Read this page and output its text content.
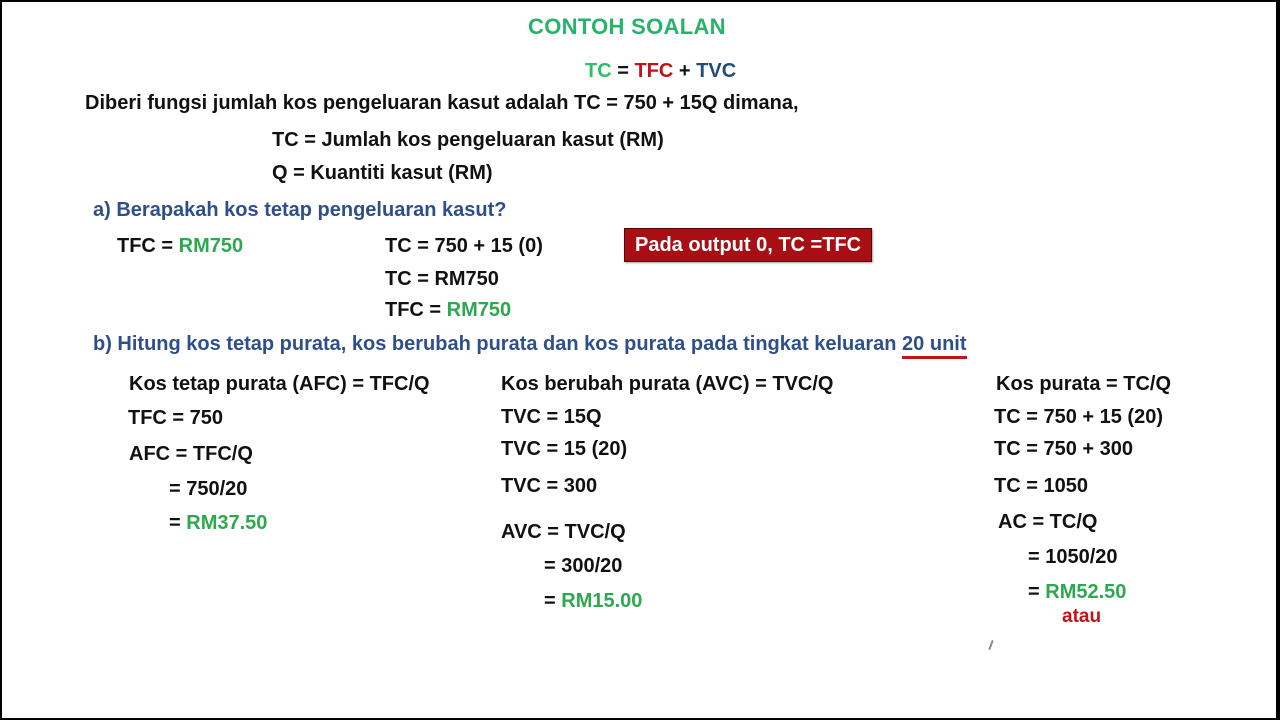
CONTOH SOALAN
TC = TFC + TVC
Diberi fungsi jumlah kos pengeluaran kasut adalah TC = 750 + 15Q dimana,
TC = Jumlah kos pengeluaran kasut (RM)
Q = Kuantiti kasut (RM)
a) Berapakah kos tetap pengeluaran kasut?
TFC = RM750	TC = 750 + 15 (0)
TC = RM750
TFC = RM750
Pada output 0, TC =TFC
b) Hitung kos tetap purata, kos berubah purata dan kos purata pada tingkat keluaran 20 unit
Kos tetap purata (AFC) = TFC/Q
TFC = 750
AFC = TFC/Q
= 750/20
= RM37.50
Kos berubah purata (AVC) = TVC/Q
TVC = 15Q
TVC = 15 (20)
TVC = 300
AVC = TVC/Q
= 300/20
= RM15.00
Kos purata = TC/Q
TC = 750 + 15 (20)
TC = 750 + 300
TC = 1050
AC = TC/Q
= 1050/20
= RM52.50
atau
